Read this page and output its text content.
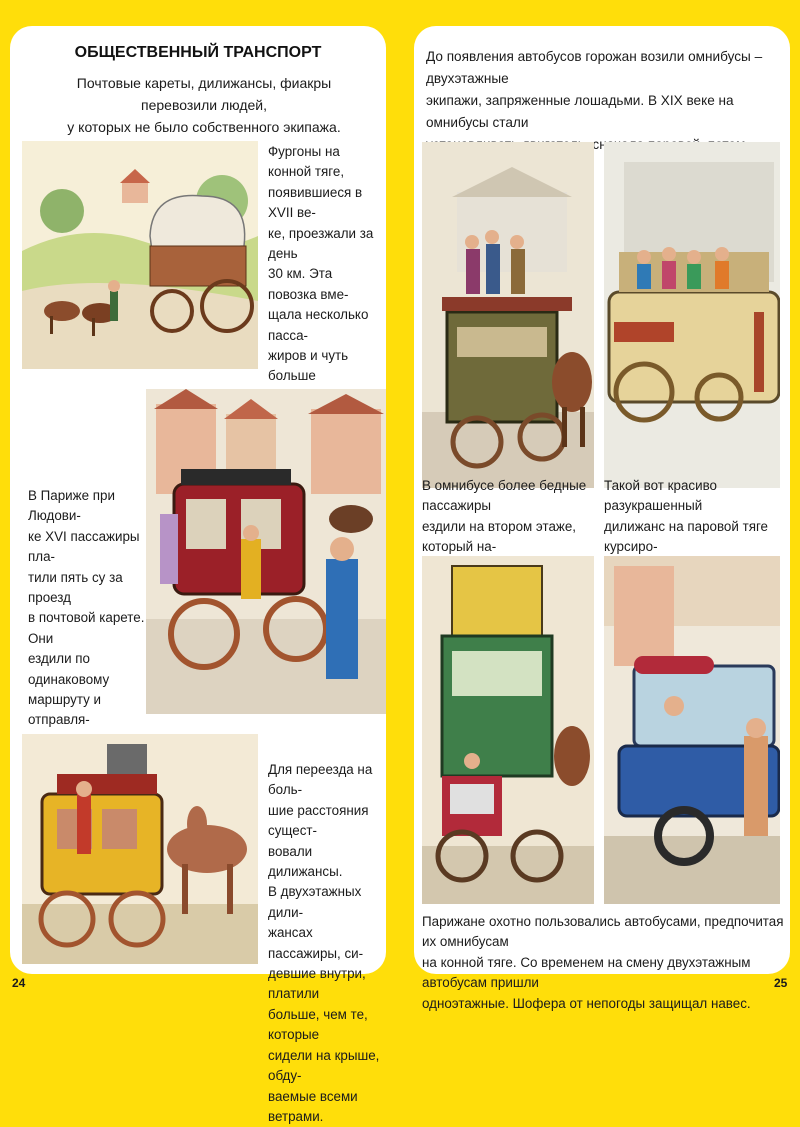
ОБЩЕСТВЕННЫЙ ТРАНСПОРТ
Почтовые кареты, дилижансы, фиакры перевозили людей,
у которых не было собственного экипажа.
Фургоны на конной тяге,
появившиеся в XVII ве-
ке, проезжали за день
30 км. Эта повозка вме-
щала несколько пасса-
жиров и чуть больше

В Париже при Людови-
ке XVI пассажиры пла-
тили пять су за проезд
в почтовой карете. Они
ездили по одинаковому
маршруту и отправля-

Для переезда на боль-
шие расстояния сущест-
вовали дилижансы.
В двухэтажных дили-
жансах пассажиры, си-
девшие внутри, платили
больше, чем те, которые
сидели на крыше, обду-
ваемые всеми ветрами.
24
До появления автобусов горожан возили омнибусы – двухэтажные
экипажи, запряженные лошадьми. В XIX веке на омнибусы стали

В омнибусе более бедные пассажиры
ездили на втором этаже, который на-

Такой вот красиво разукрашенный
дилижанс на паровой тяге курсиро-

Парижане охотно пользовались автобусами, предпочитая их омнибусам
на конной тяге. Со временем на смену двухэтажным автобусам пришли
одноэтажные. Шофера от непогоды защищал навес.
25
